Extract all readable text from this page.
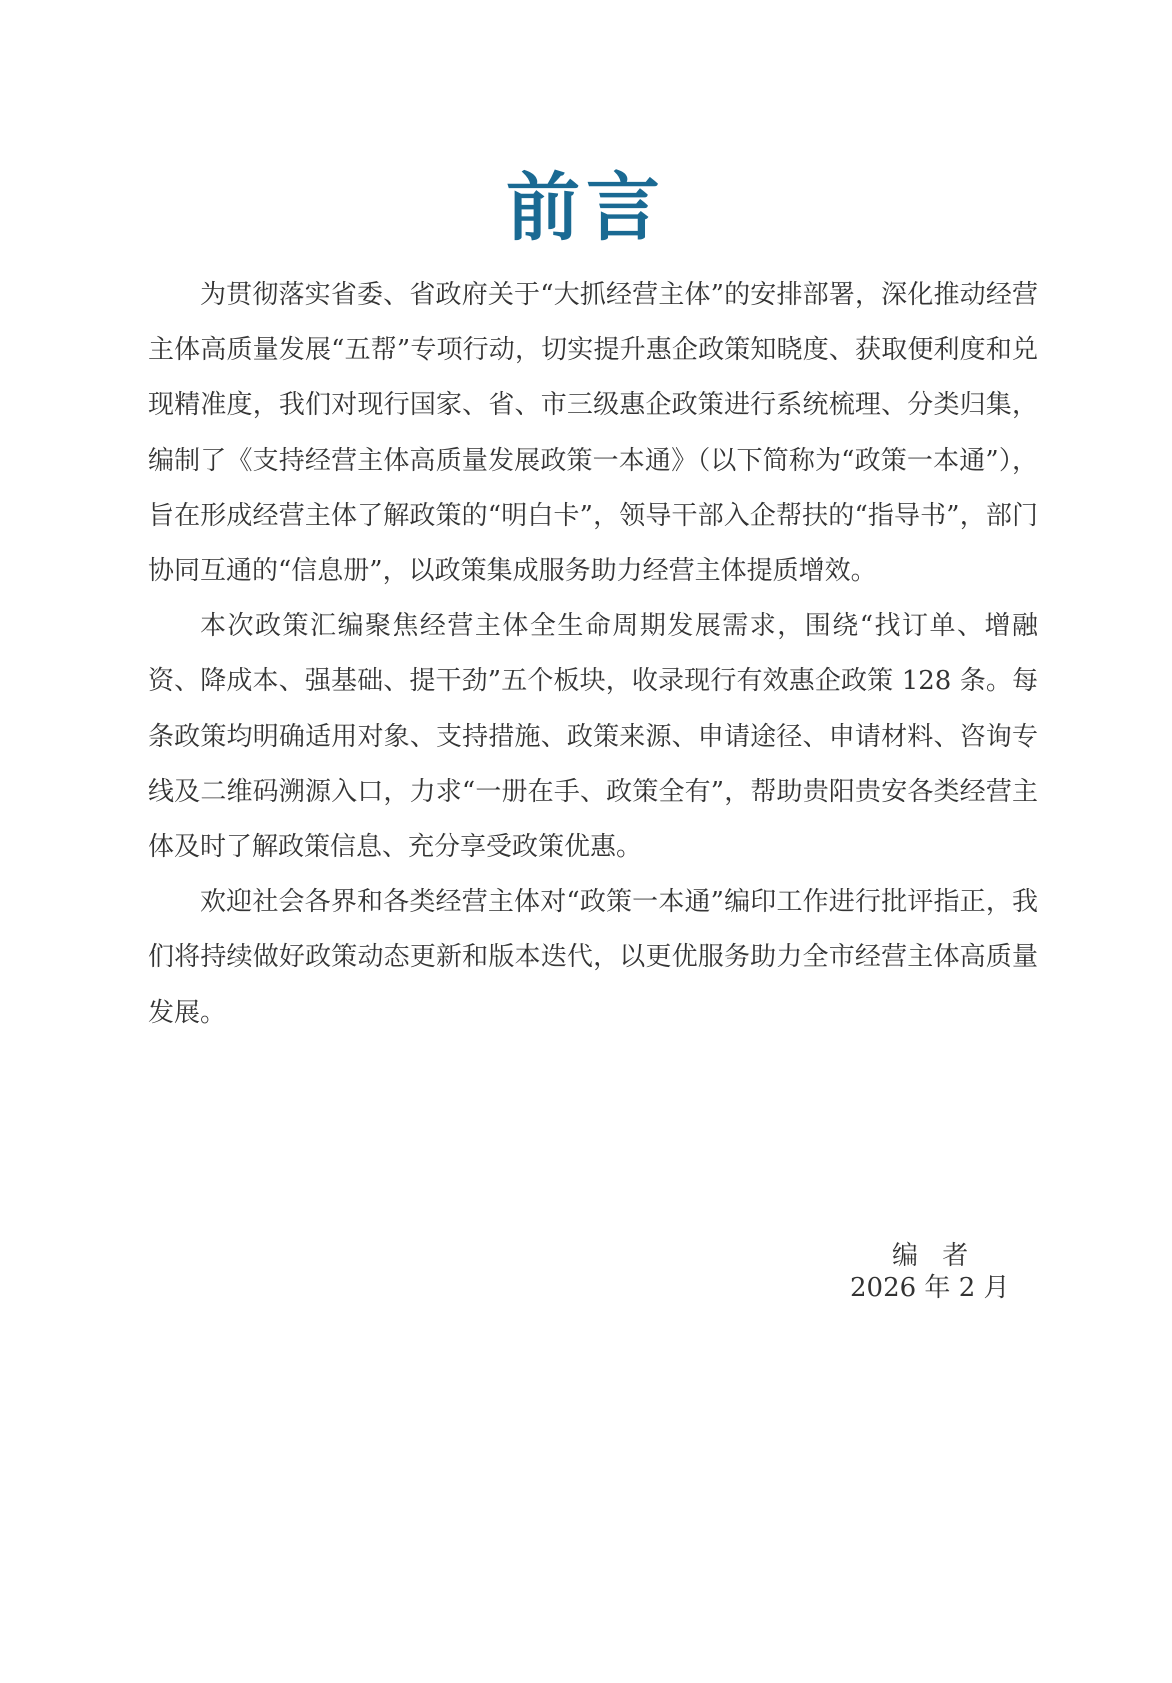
前言

为贯彻落实省委、省政府关于“大抓经营主体”的安排部署，深化推动经营主体高质量发展“五帮”专项行动，切实提升惠企政策知晓度、获取便利度和兑现精准度，我们对现行国家、省、市三级惠企政策进行系统梳理、分类归集，编制了《支持经营主体高质量发展政策一本通》（以下简称为“政策一本通”），旨在形成经营主体了解政策的“明白卡”，领导干部入企帮扶的“指导书”，部门协同互通的“信息册”，以政策集成服务助力经营主体提质增效。

本次政策汇编聚焦经营主体全生命周期发展需求，围绕“找订单、增融资、降成本、强基础、提干劲”五个板块，收录现行有效惠企政策 128 条。每条政策均明确适用对象、支持措施、政策来源、申请途径、申请材料、咨询专线及二维码溯源入口，力求“一册在手、政策全有”，帮助贵阳贵安各类经营主体及时了解政策信息、充分享受政策优惠。

欢迎社会各界和各类经营主体对“政策一本通”编印工作进行批评指正，我们将持续做好政策动态更新和版本迭代，以更优服务助力全市经营主体高质量发展。

编 者

2026 年 2 月
